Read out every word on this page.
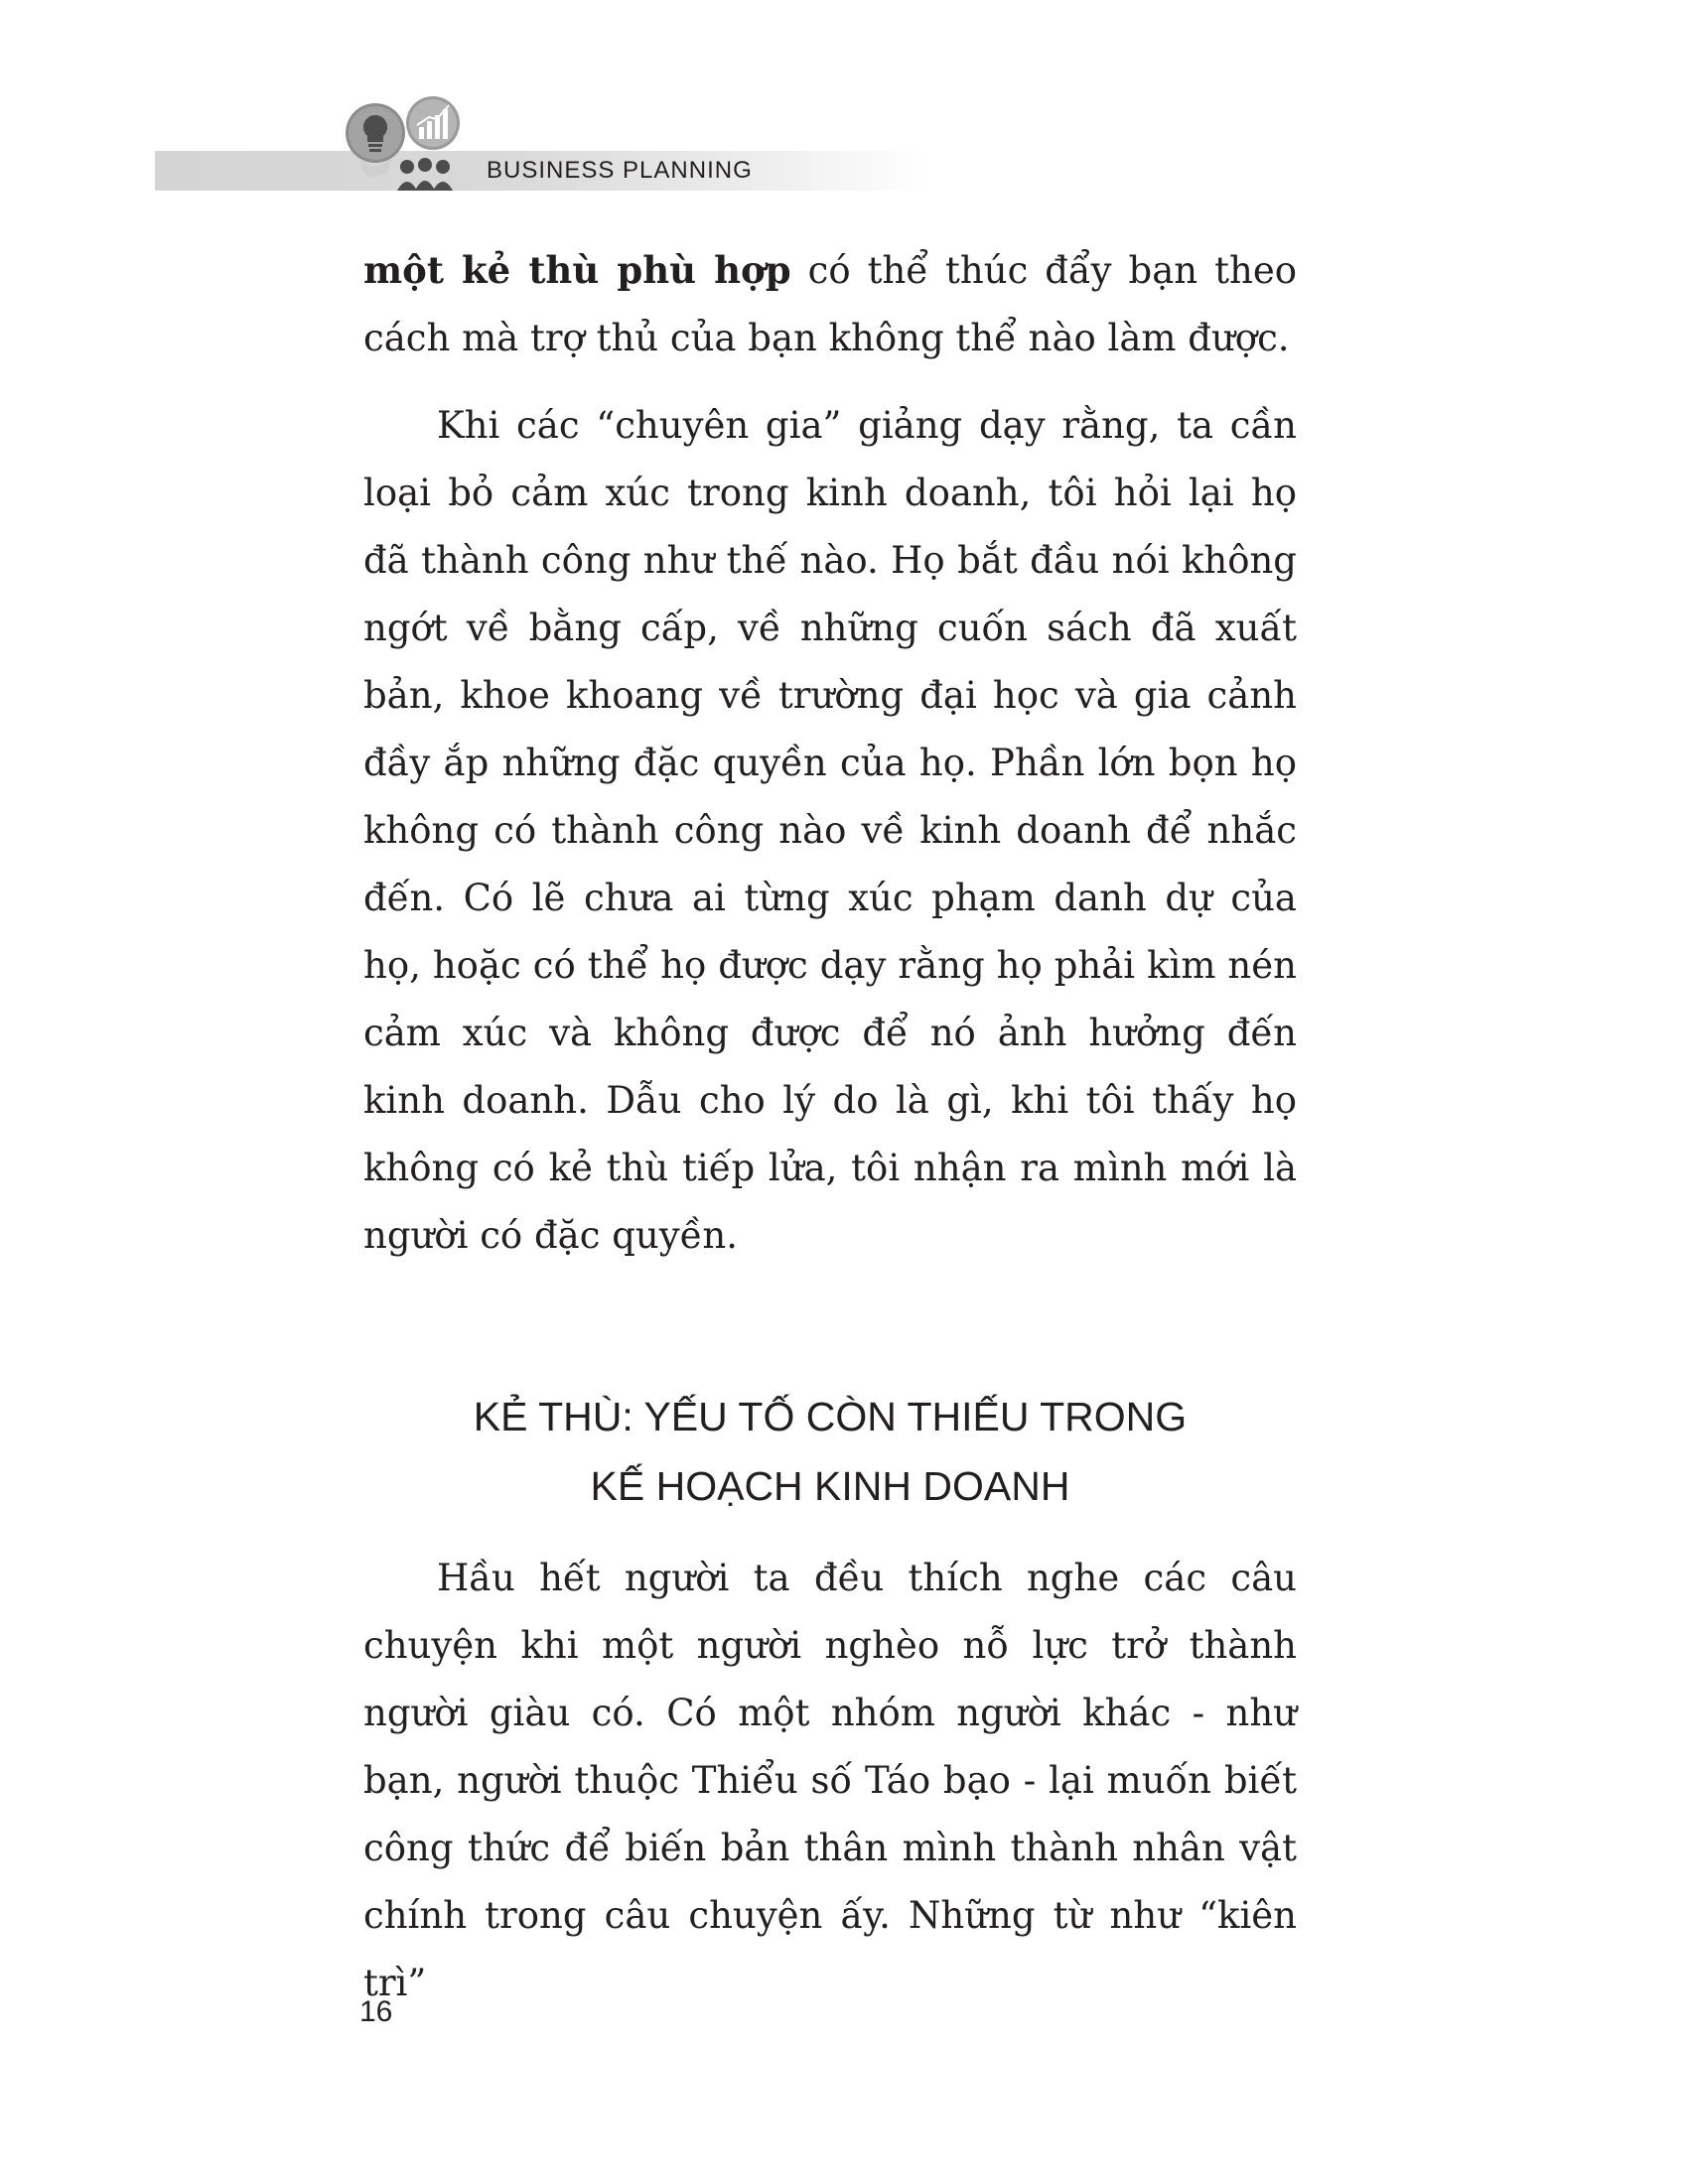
BUSINESS PLANNING

một kẻ thù phù hợp có thể thúc đẩy bạn theo cách mà trợ thủ của bạn không thể nào làm được.

Khi các “chuyên gia” giảng dạy rằng, ta cần loại bỏ cảm xúc trong kinh doanh, tôi hỏi lại họ đã thành công như thế nào. Họ bắt đầu nói không ngớt về bằng cấp, về những cuốn sách đã xuất bản, khoe khoang về trường đại học và gia cảnh đầy ắp những đặc quyền của họ. Phần lớn bọn họ không có thành công nào về kinh doanh để nhắc đến. Có lẽ chưa ai từng xúc phạm danh dự của họ, hoặc có thể họ được dạy rằng họ phải kìm nén cảm xúc và không được để nó ảnh hưởng đến kinh doanh. Dẫu cho lý do là gì, khi tôi thấy họ không có kẻ thù tiếp lửa, tôi nhận ra mình mới là người có đặc quyền.

KẺ THÙ: YẾU TỐ CÒN THIẾU TRONG
KẾ HOẠCH KINH DOANH

Hầu hết người ta đều thích nghe các câu chuyện khi một người nghèo nỗ lực trở thành người giàu có. Có một nhóm người khác - như bạn, người thuộc Thiểu số Táo bạo - lại muốn biết công thức để biến bản thân mình thành nhân vật chính trong câu chuyện ấy. Những từ như “kiên trì”

16
